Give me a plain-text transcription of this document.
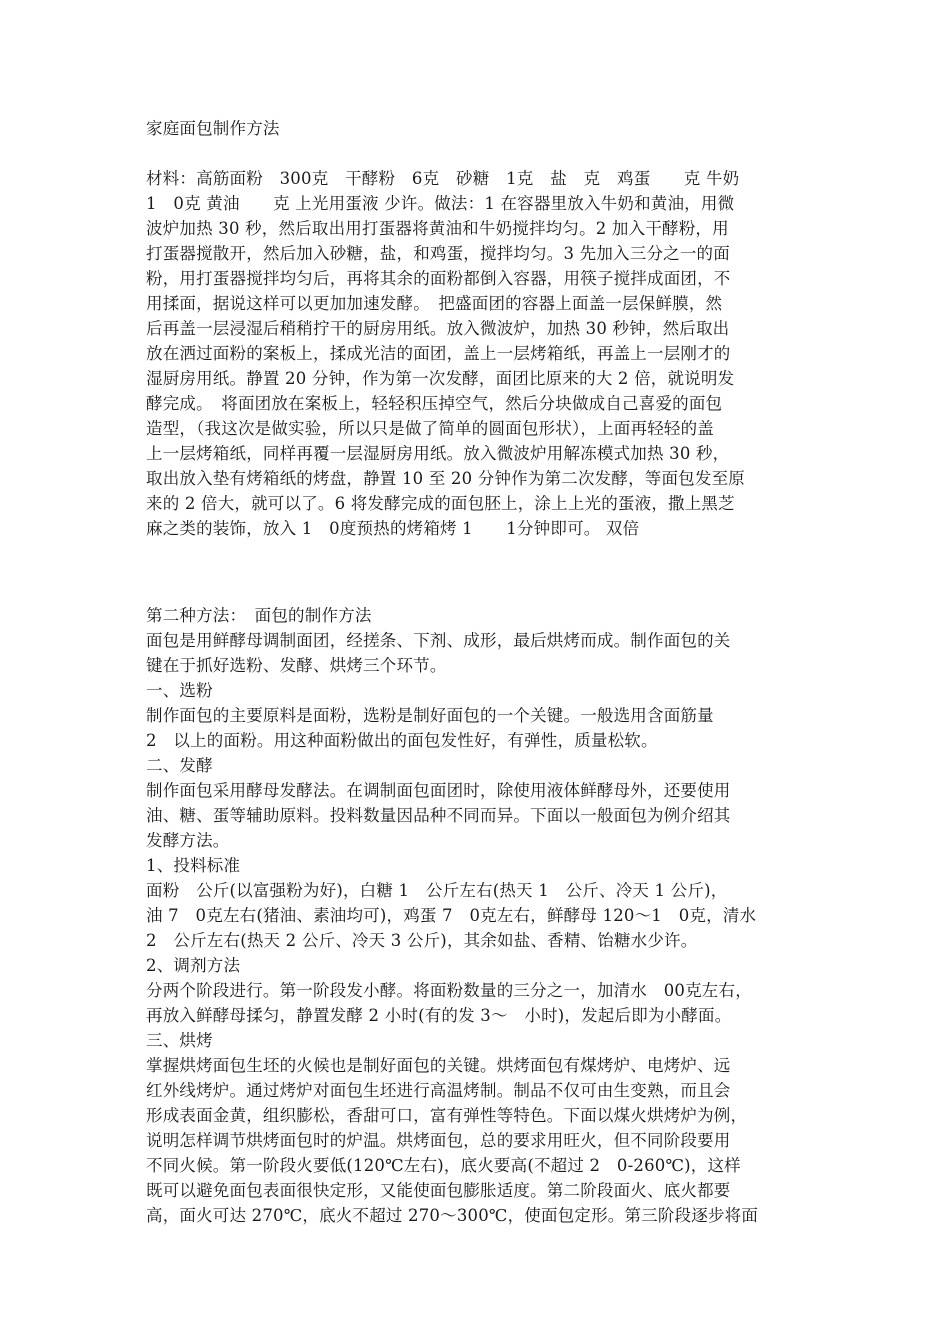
家庭面包制作方法
材料：高筋面粉　300克　干酵粉　6克　砂糖　1克　盐　克　鸡蛋　　克 牛奶
1　0克 黄油　　克 上光用蛋液 少许。做法：1 在容器里放入牛奶和黄油，用微
波炉加热 30 秒，然后取出用打蛋器将黄油和牛奶搅拌均匀。2 加入干酵粉，用
打蛋器搅散开，然后加入砂糖，盐，和鸡蛋，搅拌均匀。3 先加入三分之一的面
粉，用打蛋器搅拌均匀后，再将其余的面粉都倒入容器，用筷子搅拌成面团，不
用揉面，据说这样可以更加加速发酵。　把盛面团的容器上面盖一层保鲜膜，然
后再盖一层浸湿后稍稍拧干的厨房用纸。放入微波炉，加热 30 秒钟，然后取出
放在洒过面粉的案板上，揉成光洁的面团，盖上一层烤箱纸，再盖上一层刚才的
湿厨房用纸。静置 20 分钟，作为第一次发酵，面团比原来的大 2 倍，就说明发
酵完成。　将面团放在案板上，轻轻积压掉空气，然后分块做成自己喜爱的面包
造型，（我这次是做实验，所以只是做了简单的圆面包形状），上面再轻轻的盖
上一层烤箱纸，同样再覆一层湿厨房用纸。放入微波炉用解冻模式加热 30 秒，
取出放入垫有烤箱纸的烤盘，静置 10 至 20 分钟作为第二次发酵，等面包发至原
来的 2 倍大，就可以了。6 将发酵完成的面包胚上，涂上上光的蛋液，撒上黑芝
麻之类的装饰，放入 1　0度预热的烤箱烤 1　　1分钟即可。 双倍
第二种方法：　面包的制作方法
面包是用鲜酵母调制面团，经搓条、下剂、成形，最后烘烤而成。制作面包的关
键在于抓好选粉、发酵、烘烤三个环节。
一、选粉
制作面包的主要原料是面粉，选粉是制好面包的一个关键。一般选用含面筋量
2　以上的面粉。用这种面粉做出的面包发性好，有弹性，质量松软。
二、发酵
制作面包采用酵母发酵法。在调制面包面团时，除使用液体鲜酵母外，还要使用
油、糖、蛋等辅助原料。投料数量因品种不同而异。下面以一般面包为例介绍其
发酵方法。
1、投料标准
面粉　公斤(以富强粉为好)，白糖 1　公斤左右(热天 1　公斤、冷天 1 公斤)，
油 7　0克左右(猪油、素油均可)，鸡蛋 7　0克左右，鲜酵母 120～1　0克，清水
2　公斤左右(热天 2 公斤、冷天 3 公斤)，其余如盐、香精、饴糖水少许。
2、调剂方法
分两个阶段进行。第一阶段发小酵。将面粉数量的三分之一，加清水　00克左右，
再放入鲜酵母揉匀，静置发酵 2 小时(有的发 3～　小时)，发起后即为小酵面。
三、烘烤
掌握烘烤面包生坯的火候也是制好面包的关键。烘烤面包有煤烤炉、电烤炉、远
红外线烤炉。通过烤炉对面包生坯进行高温烤制。制品不仅可由生变熟，而且会
形成表面金黄，组织膨松，香甜可口，富有弹性等特色。下面以煤火烘烤炉为例，
说明怎样调节烘烤面包时的炉温。烘烤面包，总的要求用旺火，但不同阶段要用
不同火候。第一阶段火要低(120℃左右)，底火要高(不超过 2　0-260℃)，这样
既可以避免面包表面很快定形，又能使面包膨胀适度。第二阶段面火、底火都要
高，面火可达 270℃，底火不超过 270～300℃，使面包定形。第三阶段逐步将面
